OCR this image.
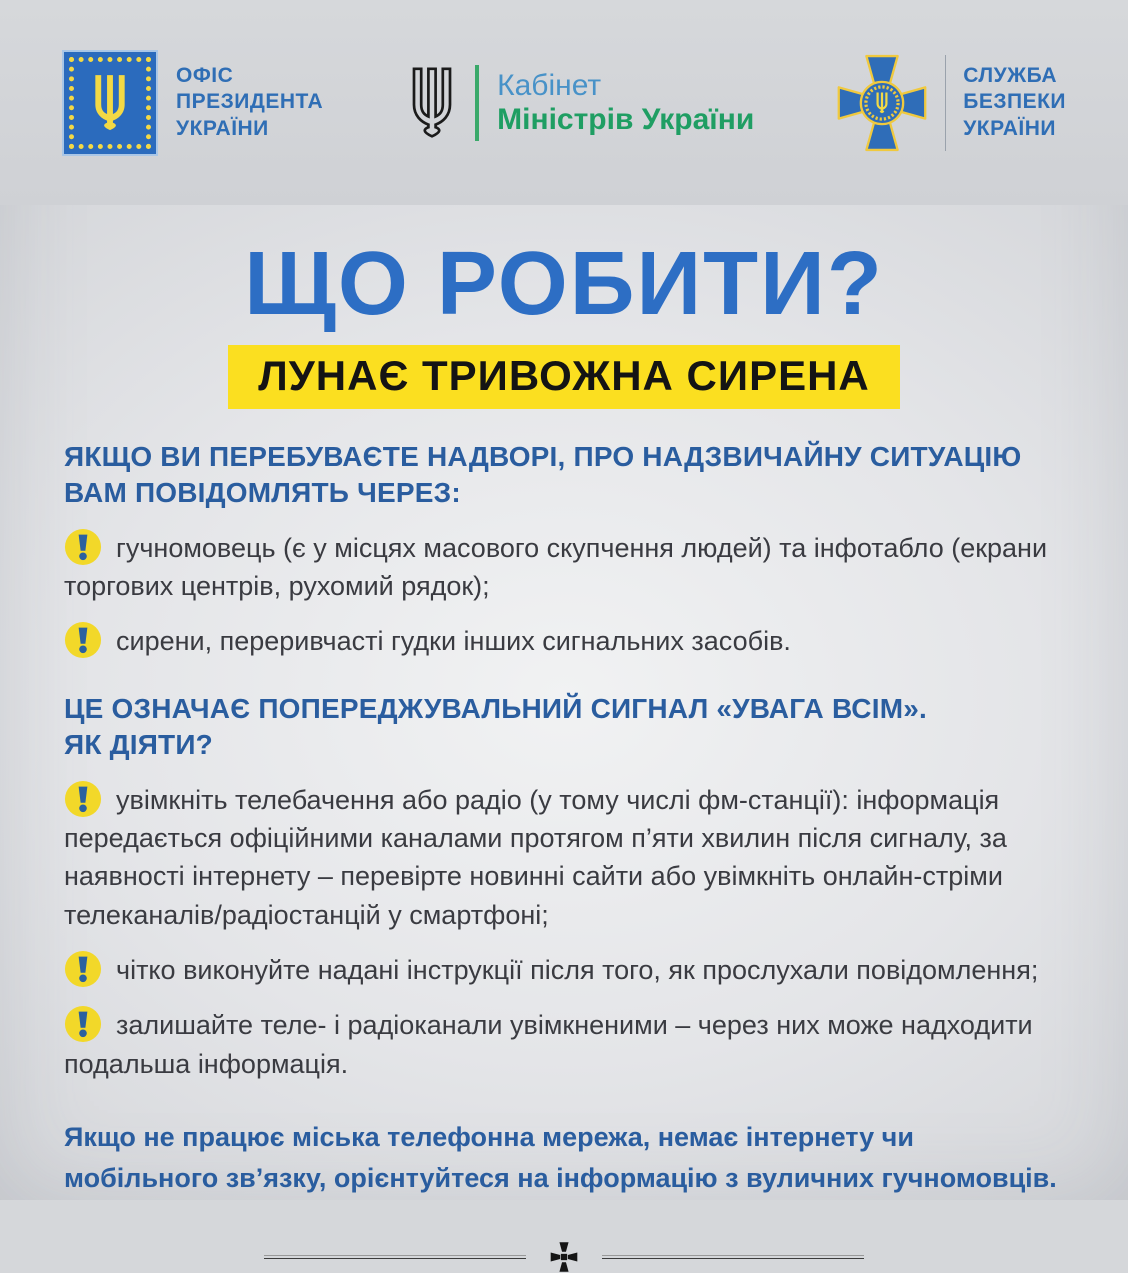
ОФІС
ПРЕЗИДЕНТА
УКРАЇНИ
Кабінет
Міністрів України
СЛУЖБА
БЕЗПЕКИ
УКРАЇНИ
ЩО РОБИТИ?
ЛУНАЄ ТРИВОЖНА СИРЕНА
ЯКЩО ВИ ПЕРЕБУВАЄТЕ НАДВОРІ, ПРО НАДЗВИЧАЙНУ СИТУАЦІЮ
ВАМ ПОВІДОМЛЯТЬ ЧЕРЕЗ:

гучномовець (є у місцях масового скупчення людей) та інфотабло (екрани торгових центрів, рухомий рядок);

сирени, переривчасті гудки інших сигнальних засобів.

ЦЕ ОЗНАЧАЄ ПОПЕРЕДЖУВАЛЬНИЙ СИГНАЛ «УВАГА ВСІМ».
ЯК ДІЯТИ?

увімкніть телебачення або радіо (у тому числі фм-станції): інформація передається офіційними каналами протягом п’яти хвилин після сигналу, за наявності інтернету – перевірте новинні сайти або увімкніть онлайн-стріми телеканалів/радіостанцій у смартфоні;

чітко виконуйте надані інструкції після того, як прослухали повідомлення;

залишайте теле- і радіоканали увімкненими – через них може надходити подальша інформація.

Якщо не працює міська телефонна мережа, немає інтернету чи
мобільного зв’язку, орієнтуйтеся на інформацію з вуличних гучномовців.
